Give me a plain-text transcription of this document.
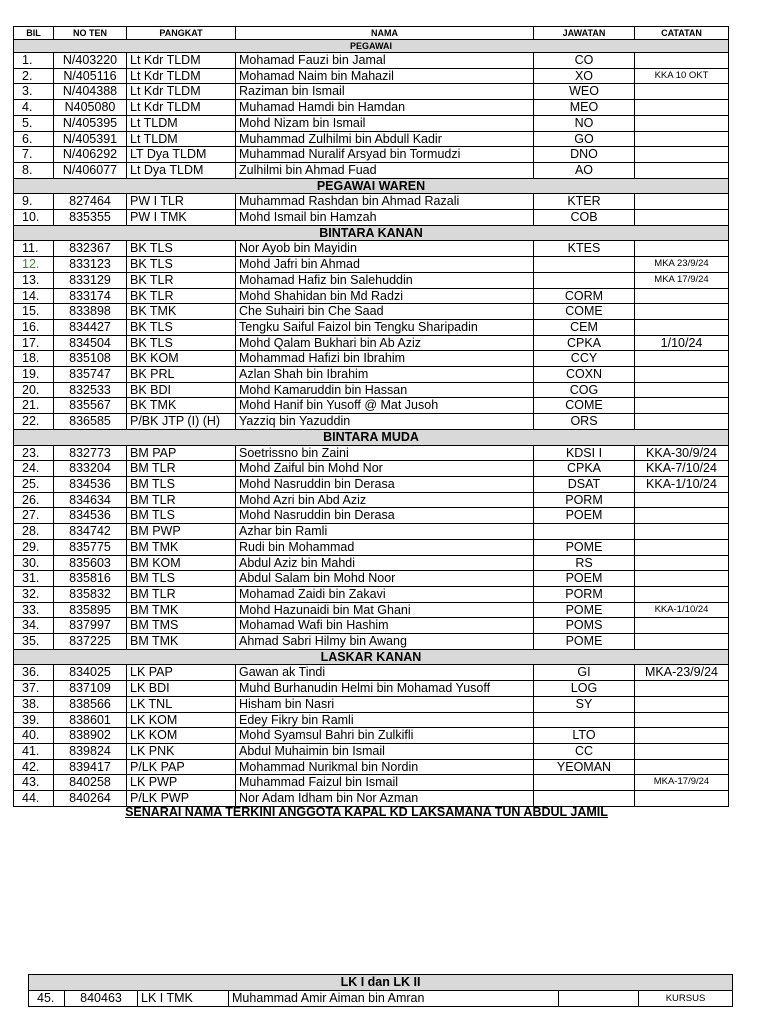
BIL	NO TEN	PANGKAT	NAMA	JAWATAN	CATATAN
PEGAWAI					
1.	N/403220	Lt Kdr TLDM	Mohamad Fauzi bin Jamal	CO	
2.	N/405116	Lt Kdr TLDM	Mohamad Naim bin Mahazil	XO	KKA 10 OKT
3.	N/404388	Lt Kdr TLDM	Raziman bin Ismail	WEO	
4.	N405080	Lt Kdr TLDM	Muhamad Hamdi bin Hamdan	MEO	
5.	N/405395	Lt TLDM	Mohd Nizam bin Ismail	NO	
6.	N/405391	Lt TLDM	Muhammad Zulhilmi bin Abdull Kadir	GO	
7.	N/406292	LT Dya TLDM	Muhammad Nuralif Arsyad bin Tormudzi	DNO	
8.	N/406077	Lt Dya TLDM	Zulhilmi bin Ahmad Fuad	AO	
PEGAWAI WAREN					
9.	827464	PW I TLR	Muhammad Rashdan bin Ahmad Razali	KTER	
10.	835355	PW I TMK	Mohd Ismail bin Hamzah	COB	
BINTARA KANAN					
11.	832367	BK TLS	Nor Ayob bin Mayidin	KTES	
12.	833123	BK TLS	Mohd Jafri bin Ahmad		MKA 23/9/24
13.	833129	BK TLR	Mohamad Hafiz bin Salehuddin		MKA 17/9/24
14.	833174	BK TLR	Mohd Shahidan bin Md Radzi	CORM	
15.	833898	BK TMK	Che Suhairi bin Che Saad	COME	
16.	834427	BK TLS	Tengku Saiful Faizol bin Tengku Sharipadin	CEM	
17.	834504	BK TLS	Mohd Qalam Bukhari bin Ab Aziz	CPKA	1/10/24
18.	835108	BK KOM	Mohammad Hafizi bin Ibrahim	CCY	
19.	835747	BK PRL	Azlan Shah bin Ibrahim	COXN	
20.	832533	BK BDI	Mohd Kamaruddin bin Hassan	COG	
21.	835567	BK TMK	Mohd Hanif bin Yusoff @ Mat Jusoh	COME	
22.	836585	P/BK JTP (I) (H)	Yazziq bin Yazuddin	ORS	
BINTARA MUDA					
23.	832773	BM PAP	Soetrissno bin Zaini	KDSI I	KKA-30/9/24
24.	833204	BM TLR	Mohd Zaiful bin Mohd Nor	CPKA	KKA-7/10/24
25.	834536	BM TLS	Mohd Nasruddin bin Derasa	DSAT	KKA-1/10/24
26.	834634	BM TLR	Mohd Azri bin Abd Aziz	PORM	
27.	834536	BM TLS	Mohd Nasruddin bin Derasa	POEM	
28.	834742	BM PWP	Azhar bin Ramli		
29.	835775	BM TMK	Rudi bin Mohammad	POME	
30.	835603	BM KOM	Abdul Aziz bin Mahdi	RS	
31.	835816	BM TLS	Abdul Salam bin Mohd Noor	POEM	
32.	835832	BM TLR	Mohamad Zaidi bin Zakavi	PORM	
33.	835895	BM TMK	Mohd Hazunaidi bin Mat Ghani	POME	KKA-1/10/24
34.	837997	BM TMS	Mohamad Wafi bin Hashim	POMS	
35.	837225	BM TMK	Ahmad Sabri Hilmy bin Awang	POME	
LASKAR KANAN					
36.	834025	LK PAP	Gawan ak Tindi	GI	MKA-23/9/24
37.	837109	LK BDI	Muhd Burhanudin Helmi bin Mohamad Yusoff	LOG	
38.	838566	LK TNL	Hisham bin Nasri	SY	
39.	838601	LK KOM	Edey Fikry bin Ramli		
40.	838902	LK KOM	Mohd Syamsul Bahri bin Zulkifli	LTO	
41.	839824	LK PNK	Abdul Muhaimin bin Ismail	CC	
42.	839417	P/LK PAP	Mohammad Nurikmal bin Nordin	YEOMAN	
43.	840258	LK PWP	Muhammad Faizul bin Ismail		MKA-17/9/24
44.	840264	P/LK PWP	Nor Adam Idham bin Nor Azman		
SENARAI NAMA TERKINI ANGGOTA KAPAL KD LAKSAMANA TUN ABDUL JAMIL
LK I dan LK II
45.	840463	LK I TMK	Muhammad Amir Aiman bin Amran		KURSUS
